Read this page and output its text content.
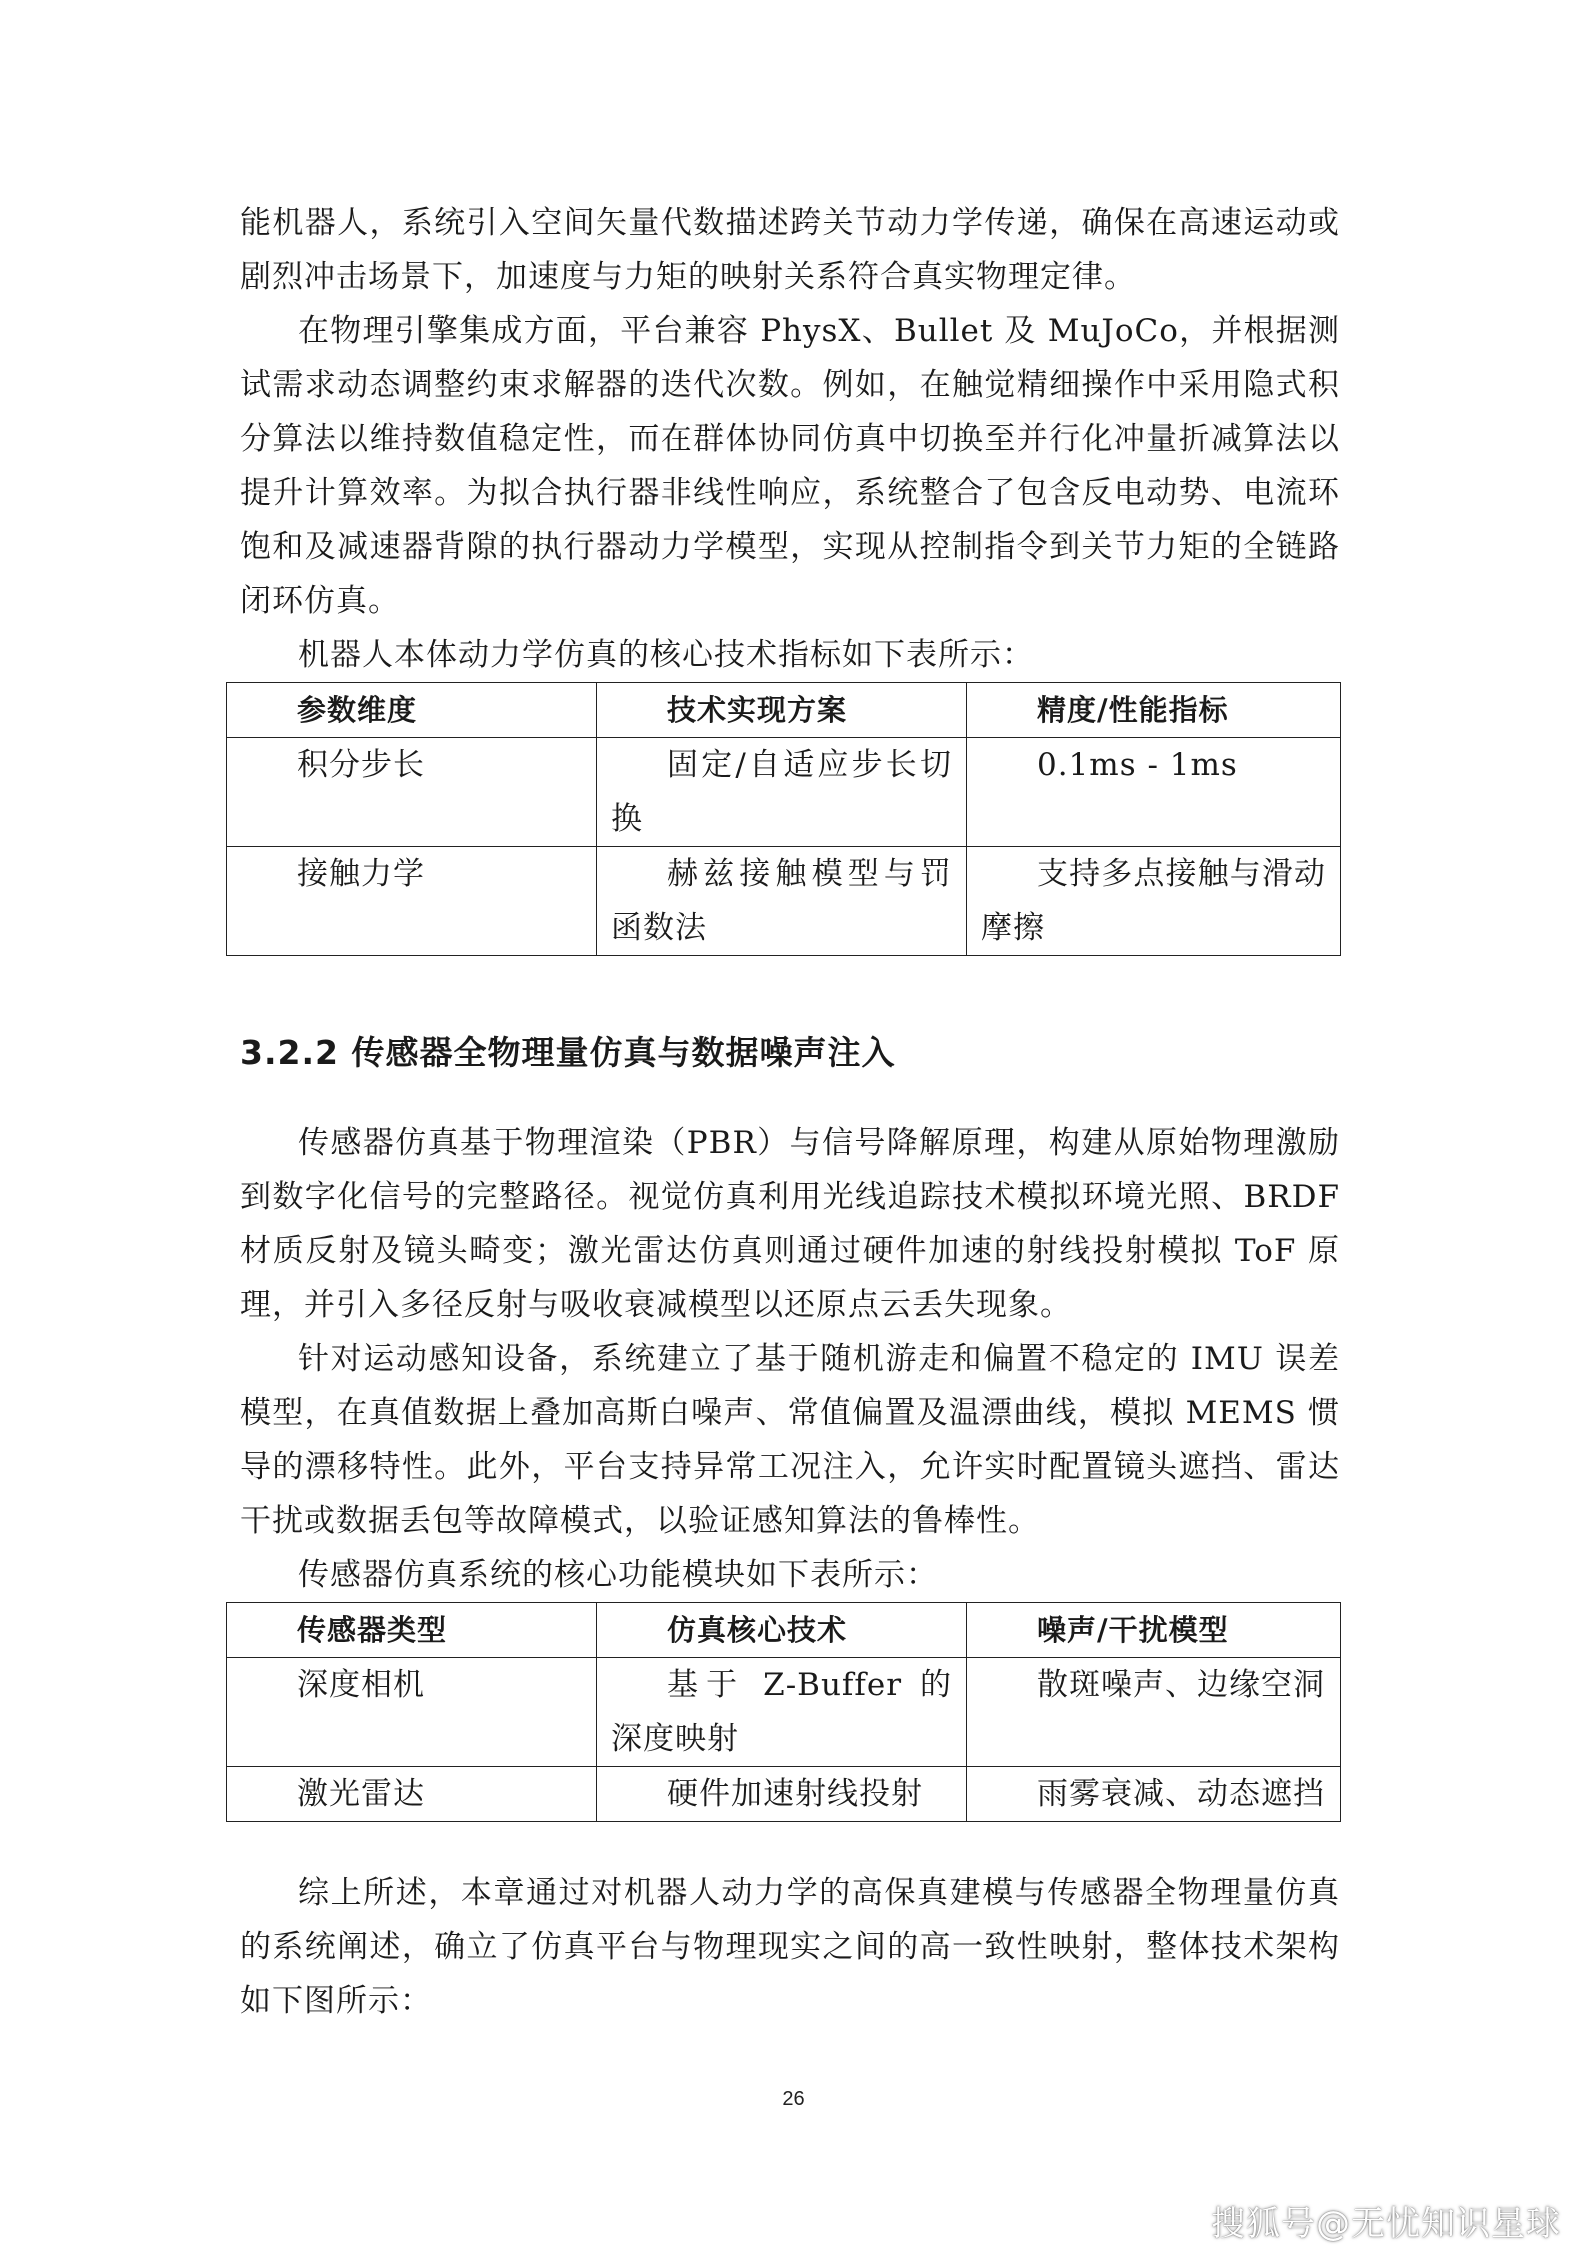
能机器人，系统引入空间矢量代数描述跨关节动力学传递，确保在高速运动或剧烈冲击场景下，加速度与力矩的映射关系符合真实物理定律。

在物理引擎集成方面，平台兼容 PhysX、Bullet 及 MuJoCo，并根据测试需求动态调整约束求解器的迭代次数。例如，在触觉精细操作中采用隐式积分算法以维持数值稳定性，而在群体协同仿真中切换至并行化冲量折减算法以提升计算效率。为拟合执行器非线性响应，系统整合了包含反电动势、电流环饱和及减速器背隙的执行器动力学模型，实现从控制指令到关节力矩的全链路闭环仿真。

机器人本体动力学仿真的核心技术指标如下表所示：

参数维度	技术实现方案	精度/性能指标

积分步长	固定/自适应步长切换	0.1ms - 1ms

接触力学	赫兹接触模型与罚函数法	支持多点接触与滑动摩擦
3.2.2 传感器全物理量仿真与数据噪声注入

传感器仿真基于物理渲染（PBR）与信号降解原理，构建从原始物理激励到数字化信号的完整路径。视觉仿真利用光线追踪技术模拟环境光照、BRDF 材质反射及镜头畸变；激光雷达仿真则通过硬件加速的射线投射模拟 ToF 原理，并引入多径反射与吸收衰减模型以还原点云丢失现象。

针对运动感知设备，系统建立了基于随机游走和偏置不稳定的 IMU 误差模型，在真值数据上叠加高斯白噪声、常值偏置及温漂曲线，模拟 MEMS 惯导的漂移特性。此外，平台支持异常工况注入，允许实时配置镜头遮挡、雷达干扰或数据丢包等故障模式，以验证感知算法的鲁棒性。

传感器仿真系统的核心功能模块如下表所示：

传感器类型	仿真核心技术	噪声/干扰模型

深度相机	基于 Z-Buffer 的深度映射	散斑噪声、边缘空洞

激光雷达	硬件加速射线投射	雨雾衰减、动态遮挡

综上所述，本章通过对机器人动力学的高保真建模与传感器全物理量仿真的系统阐述，确立了仿真平台与物理现实之间的高一致性映射，整体技术架构如下图所示：

26
搜狐号@无忧知识星球
